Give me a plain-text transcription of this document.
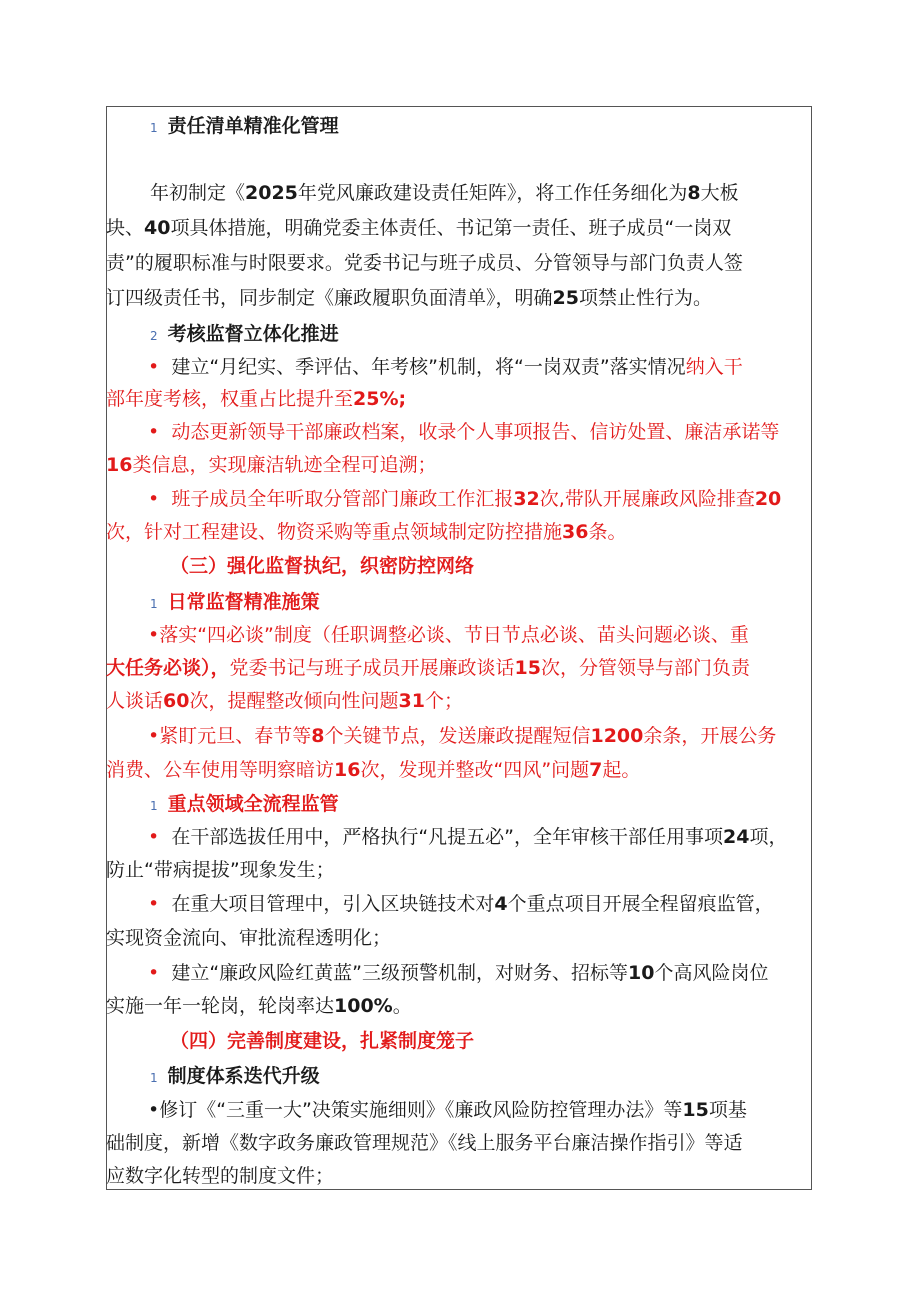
1 责任清单精准化管理
年初制定《2025年党风廉政建设责任矩阵》，将工作任务细化为8大板
块、40项具体措施，明确党委主体责任、书记第一责任、班子成员“一岗双
责”的履职标准与时限要求。党委书记与班子成员、分管领导与部门负责人签
订四级责任书，同步制定《廉政履职负面清单》，明确25项禁止性行为。
2 考核监督立体化推进
• 建立“月纪实、季评估、年考核”机制，将“一岗双责”落实情况纳入干
部年度考核，权重占比提升至25%;
• 动态更新领导干部廉政档案，收录个人事项报告、信访处置、廉洁承诺等
16类信息，实现廉洁轨迹全程可追溯；
• 班子成员全年听取分管部门廉政工作汇报32次,带队开展廉政风险排查20
次，针对工程建设、物资采购等重点领域制定防控措施36条。
（三）强化监督执纪，织密防控网络
1 日常监督精准施策
•落实“四必谈”制度（任职调整必谈、节日节点必谈、苗头问题必谈、重
大任务必谈），党委书记与班子成员开展廉政谈话15次，分管领导与部门负责
人谈话60次，提醒整改倾向性问题31个；
•紧盯元旦、春节等8个关键节点，发送廉政提醒短信1200余条，开展公务
消费、公车使用等明察暗访16次，发现并整改“四风”问题7起。
1 重点领域全流程监管
• 在干部选拔任用中，严格执行“凡提五必”，全年审核干部任用事项24项，
防止“带病提拔”现象发生；
• 在重大项目管理中，引入区块链技术对4个重点项目开展全程留痕监管，
实现资金流向、审批流程透明化；
• 建立“廉政风险红黄蓝”三级预警机制，对财务、招标等10个高风险岗位
实施一年一轮岗，轮岗率达100%。
（四）完善制度建设，扎紧制度笼子
1 制度体系迭代升级
•修订《“三重一大”决策实施细则》《廉政风险防控管理办法》等15项基
础制度，新增《数字政务廉政管理规范》《线上服务平台廉洁操作指引》等适
应数字化转型的制度文件；
